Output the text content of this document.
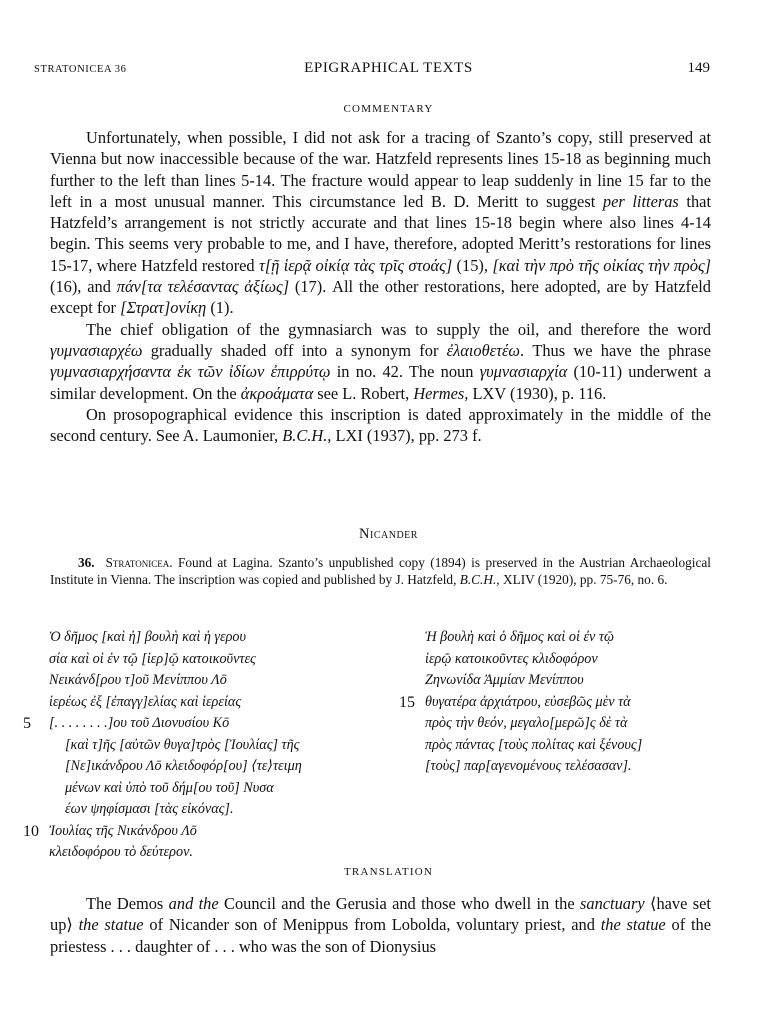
STRATONICEA 36	EPIGRAPHICAL TEXTS	149
COMMENTARY

Unfortunately, when possible, I did not ask for a tracing of Szanto’s copy, still preserved at Vienna but now inaccessible because of the war. Hatzfeld represents lines 15-18 as beginning much further to the left than lines 5-14. The fracture would appear to leap suddenly in line 15 far to the left in a most unusual manner. This circumstance led B. D. Meritt to suggest per litteras that Hatzfeld’s arrangement is not strictly accurate and that lines 15-18 begin where also lines 4-14 begin. This seems very probable to me, and I have, therefore, adopted Meritt’s restorations for lines 15-17, where Hatzfeld restored τ[ῇ ἱερᾷ οἰκίᾳ τὰς τρῖς στοάς] (15), [καὶ τὴν πρὸ τῆς οἰκίας τὴν πρὸς] (16), and πάν[τα τελέσαντας ἀξίως] (17). All the other restorations, here adopted, are by Hatzfeld except for [Στρατ]ονίκῃ (1).

The chief obligation of the gymnasiarch was to supply the oil, and therefore the word γυμνασιαρχέω gradually shaded off into a synonym for ἐλαιοθετέω. Thus we have the phrase γυμνασιαρχήσαντα ἐκ τῶν ἰδίων ἐπιρρύτῳ in no. 42. The noun γυμνασιαρχία (10-11) underwent a similar development. On the ἀκροάματα see L. Robert, Hermes, LXV (1930), p. 116.

On prosopographical evidence this inscription is dated approximately in the middle of the second century. See A. Laumonier, B.C.H., LXI (1937), pp. 273 f.

Nicander

36. Stratonicea. Found at Lagina. Szanto’s unpublished copy (1894) is preserved in the Austrian Archaeological Institute in Vienna. The inscription was copied and published by J. Hatzfeld, B.C.H., XLIV (1920), pp. 75-76, no. 6.

Ὁ δῆμος [καὶ ἡ] βουλὴ καὶ ἡ γερου
σία καὶ οἱ ἐν τῷ [ἱερ]ῷ κατοικοῦντες
Νεικάνδ[ρου τ]οῦ Μενίππου Λō
ἱερέως ἐξ [ἐπαγγ]ελίας καὶ ἱερείας
5 [. . . . . . . .]ου τοῦ Διονυσίου Κō
[καὶ τ]ῆς [αὐτῶν θυγα]τρὸς [Ἰουλίας] τῆς
[Νε]ικάνδρου Λō κλειδοφόρ[ου] ⟨τε⟩τειμη
μένων καὶ ὑπὸ τοῦ δήμ[ου τοῦ] Νυσα
έων ψηφίσμασι [τὰς εἰκόνας].
10 Ἰουλίας τῆς Νικάνδρου Λō
κλειδοφόρου τὸ δεύτερον.
Ἡ βουλὴ καὶ ὁ δῆμος καὶ οἱ ἐν τῷ
ἱερῷ κατοικοῦντες κλιδοφόρον
Ζηνωνίδα Ἀμμίαν Μενίππου
15 θυγατέρα ἀρχιάτρου, εὐσεβῶς μὲν τὰ
πρὸς τὴν θεόν, μεγαλο[μερῶ]ς δὲ τὰ
πρὸς πάντας [τοὺς πολίτας καὶ ξένους]
[τοὺς] παρ[αγενομένους τελέσασαν].
TRANSLATION

The Demos and the Council and the Gerusia and those who dwell in the sanctuary ⟨have set up⟩ the statue of Nicander son of Menippus from Lobolda, voluntary priest, and the statue of the priestess . . . daughter of . . . who was the son of Dionysius
